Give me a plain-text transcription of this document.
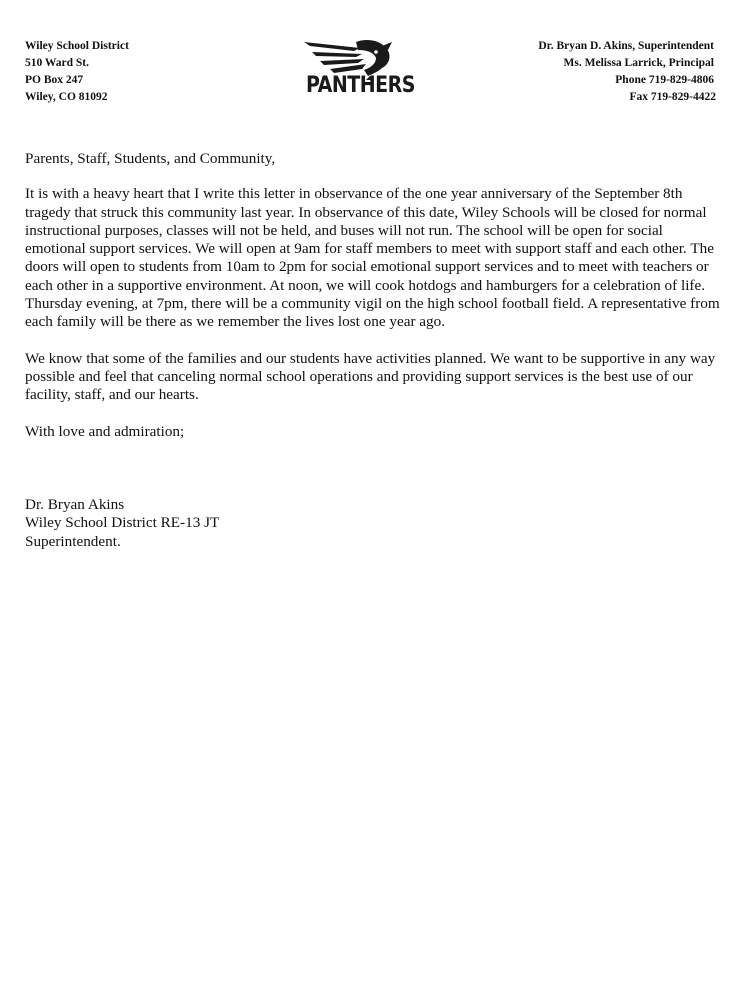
Wiley School District
510 Ward St.
PO Box 247
Wiley, CO 81092	PANTHERS
Dr. Bryan D. Akins, Superintendent
Ms. Melissa Larrick, Principal
Phone 719-829-4806
Fax 719-829-4422

Parents, Staff, Students, and Community,

It is with a heavy heart that I write this letter in observance of the one year anniversary of the September 8th tragedy that struck this community last year. In observance of this date, Wiley Schools will be closed for normal instructional purposes, classes will not be held, and buses will not run. The school will be open for social emotional support services. We will open at 9am for staff members to meet with support staff and each other. The doors will open to students from 10am to 2pm for social emotional support services and to meet with teachers or each other in a supportive environment. At noon, we will cook hotdogs and hamburgers for a celebration of life. Thursday evening, at 7pm, there will be a community vigil on the high school football field. A representative from each family will be there as we remember the lives lost one year ago.

We know that some of the families and our students have activities planned. We want to be supportive in any way possible and feel that canceling normal school operations and providing support services is the best use of our facility, staff, and our hearts.

With love and admiration;

Dr. Bryan Akins
Wiley School District RE-13 JT
Superintendent.
